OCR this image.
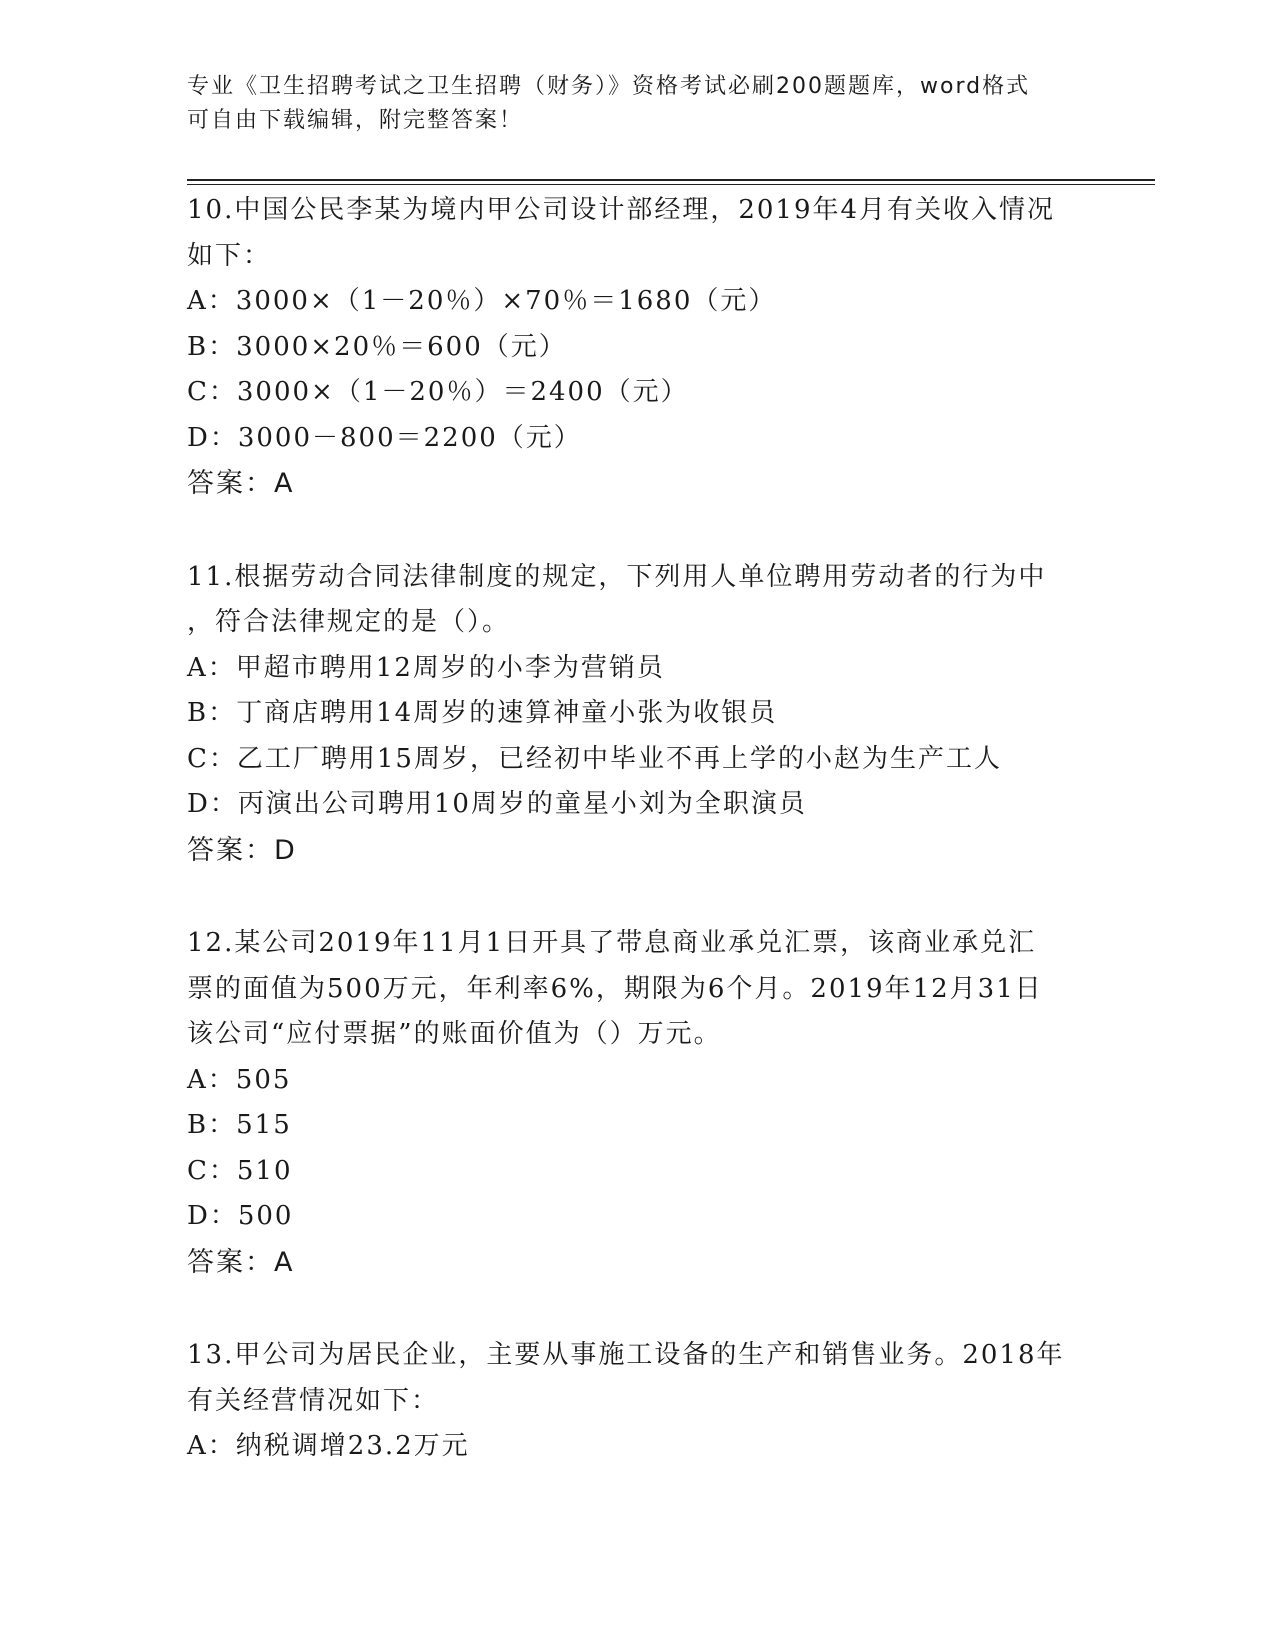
专业《卫生招聘考试之卫生招聘（财务）》资格考试必刷200题题库，word格式
可自由下载编辑，附完整答案！
10.中国公民李某为境内甲公司设计部经理，2019年4月有关收入情况
如下：
A：3000×（1－20％）×70％＝1680（元）
B：3000×20％＝600（元）
C：3000×（1－20％）＝2400（元）
D：3000－800＝2200（元）
答案：A
11.根据劳动合同法律制度的规定，下列用人单位聘用劳动者的行为中
，符合法律规定的是（）。
A：甲超市聘用12周岁的小李为营销员
B：丁商店聘用14周岁的速算神童小张为收银员
C：乙工厂聘用15周岁，已经初中毕业不再上学的小赵为生产工人
D：丙演出公司聘用10周岁的童星小刘为全职演员
答案：D
12.某公司2019年11月1日开具了带息商业承兑汇票，该商业承兑汇
票的面值为500万元，年利率6%，期限为6个月。2019年12月31日
该公司“应付票据”的账面价值为（）万元。
A：505
B：515
C：510
D：500
答案：A
13.甲公司为居民企业，主要从事施工设备的生产和销售业务。2018年
有关经营情况如下：
A：纳税调增23.2万元
